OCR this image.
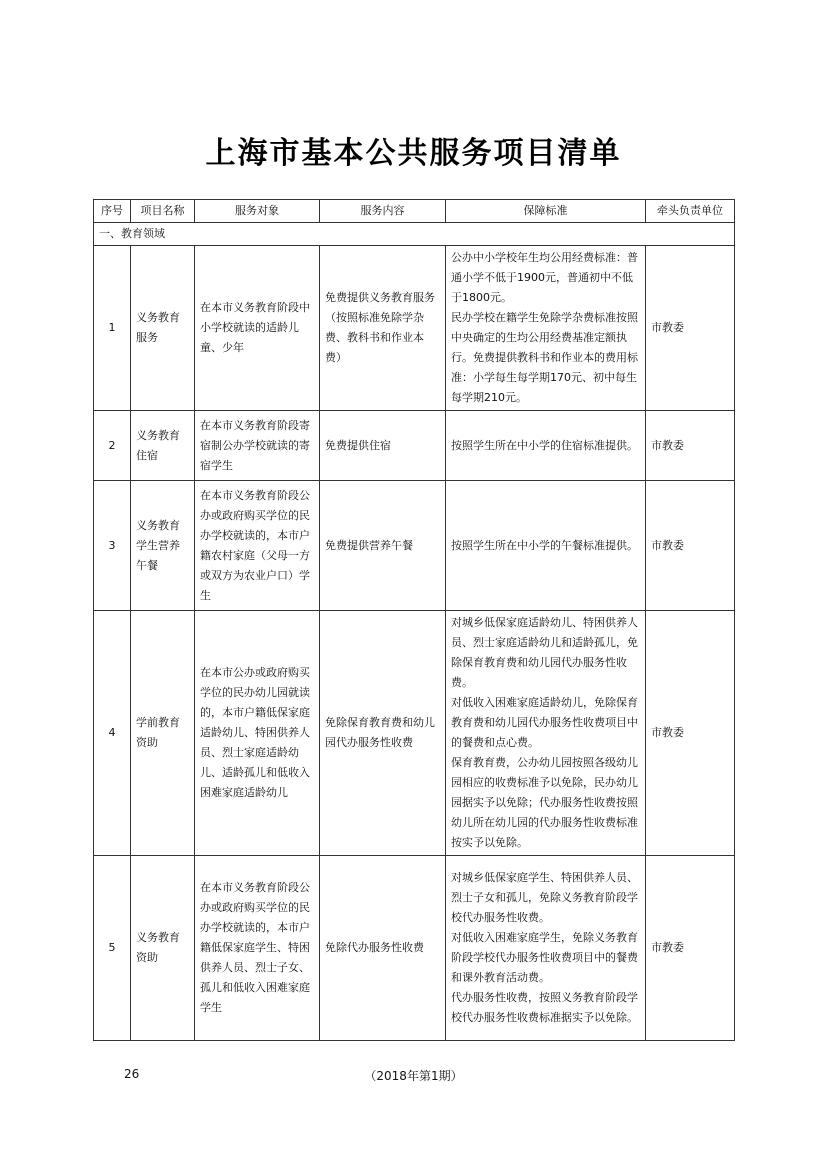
上海市基本公共服务项目清单
序号	项目名称	服务对象	服务内容	保障标准	牵头负责单位
一、教育领域					
1	义务教育服务	在本市义务教育阶段中小学校就读的适龄儿童、少年	免费提供义务教育服务（按照标准免除学杂费、教科书和作业本费）	公办中小学校年生均公用经费标准：普通小学不低于1900元，普通初中不低于1800元。
民办学校在籍学生免除学杂费标准按照中央确定的生均公用经费基准定额执行。免费提供教科书和作业本的费用标准：小学每生每学期170元、初中每生每学期210元。	市教委
2	义务教育住宿	在本市义务教育阶段寄宿制公办学校就读的寄宿学生	免费提供住宿	按照学生所在中小学的住宿标准提供。	市教委
3	义务教育学生营养午餐	在本市义务教育阶段公办或政府购买学位的民办学校就读的，本市户籍农村家庭（父母一方或双方为农业户口）学生	免费提供营养午餐	按照学生所在中小学的午餐标准提供。	市教委
4	学前教育资助	在本市公办或政府购买学位的民办幼儿园就读的，本市户籍低保家庭适龄幼儿、特困供养人员、烈士家庭适龄幼儿、适龄孤儿和低收入困难家庭适龄幼儿	免除保育教育费和幼儿园代办服务性收费	对城乡低保家庭适龄幼儿、特困供养人员、烈士家庭适龄幼儿和适龄孤儿，免除保育教育费和幼儿园代办服务性收费。
对低收入困难家庭适龄幼儿，免除保育教育费和幼儿园代办服务性收费项目中的餐费和点心费。
保育教育费，公办幼儿园按照各级幼儿园相应的收费标准予以免除，民办幼儿园据实予以免除；代办服务性收费按照幼儿所在幼儿园的代办服务性收费标准按实予以免除。	市教委
5	义务教育资助	在本市义务教育阶段公办或政府购买学位的民办学校就读的，本市户籍低保家庭学生、特困供养人员、烈士子女、孤儿和低收入困难家庭学生	免除代办服务性收费	对城乡低保家庭学生、特困供养人员、烈士子女和孤儿，免除义务教育阶段学校代办服务性收费。
对低收入困难家庭学生，免除义务教育阶段学校代办服务性收费项目中的餐费和课外教育活动费。
代办服务性收费，按照义务教育阶段学校代办服务性收费标准据实予以免除。	市教委
（2018年第1期）
26
